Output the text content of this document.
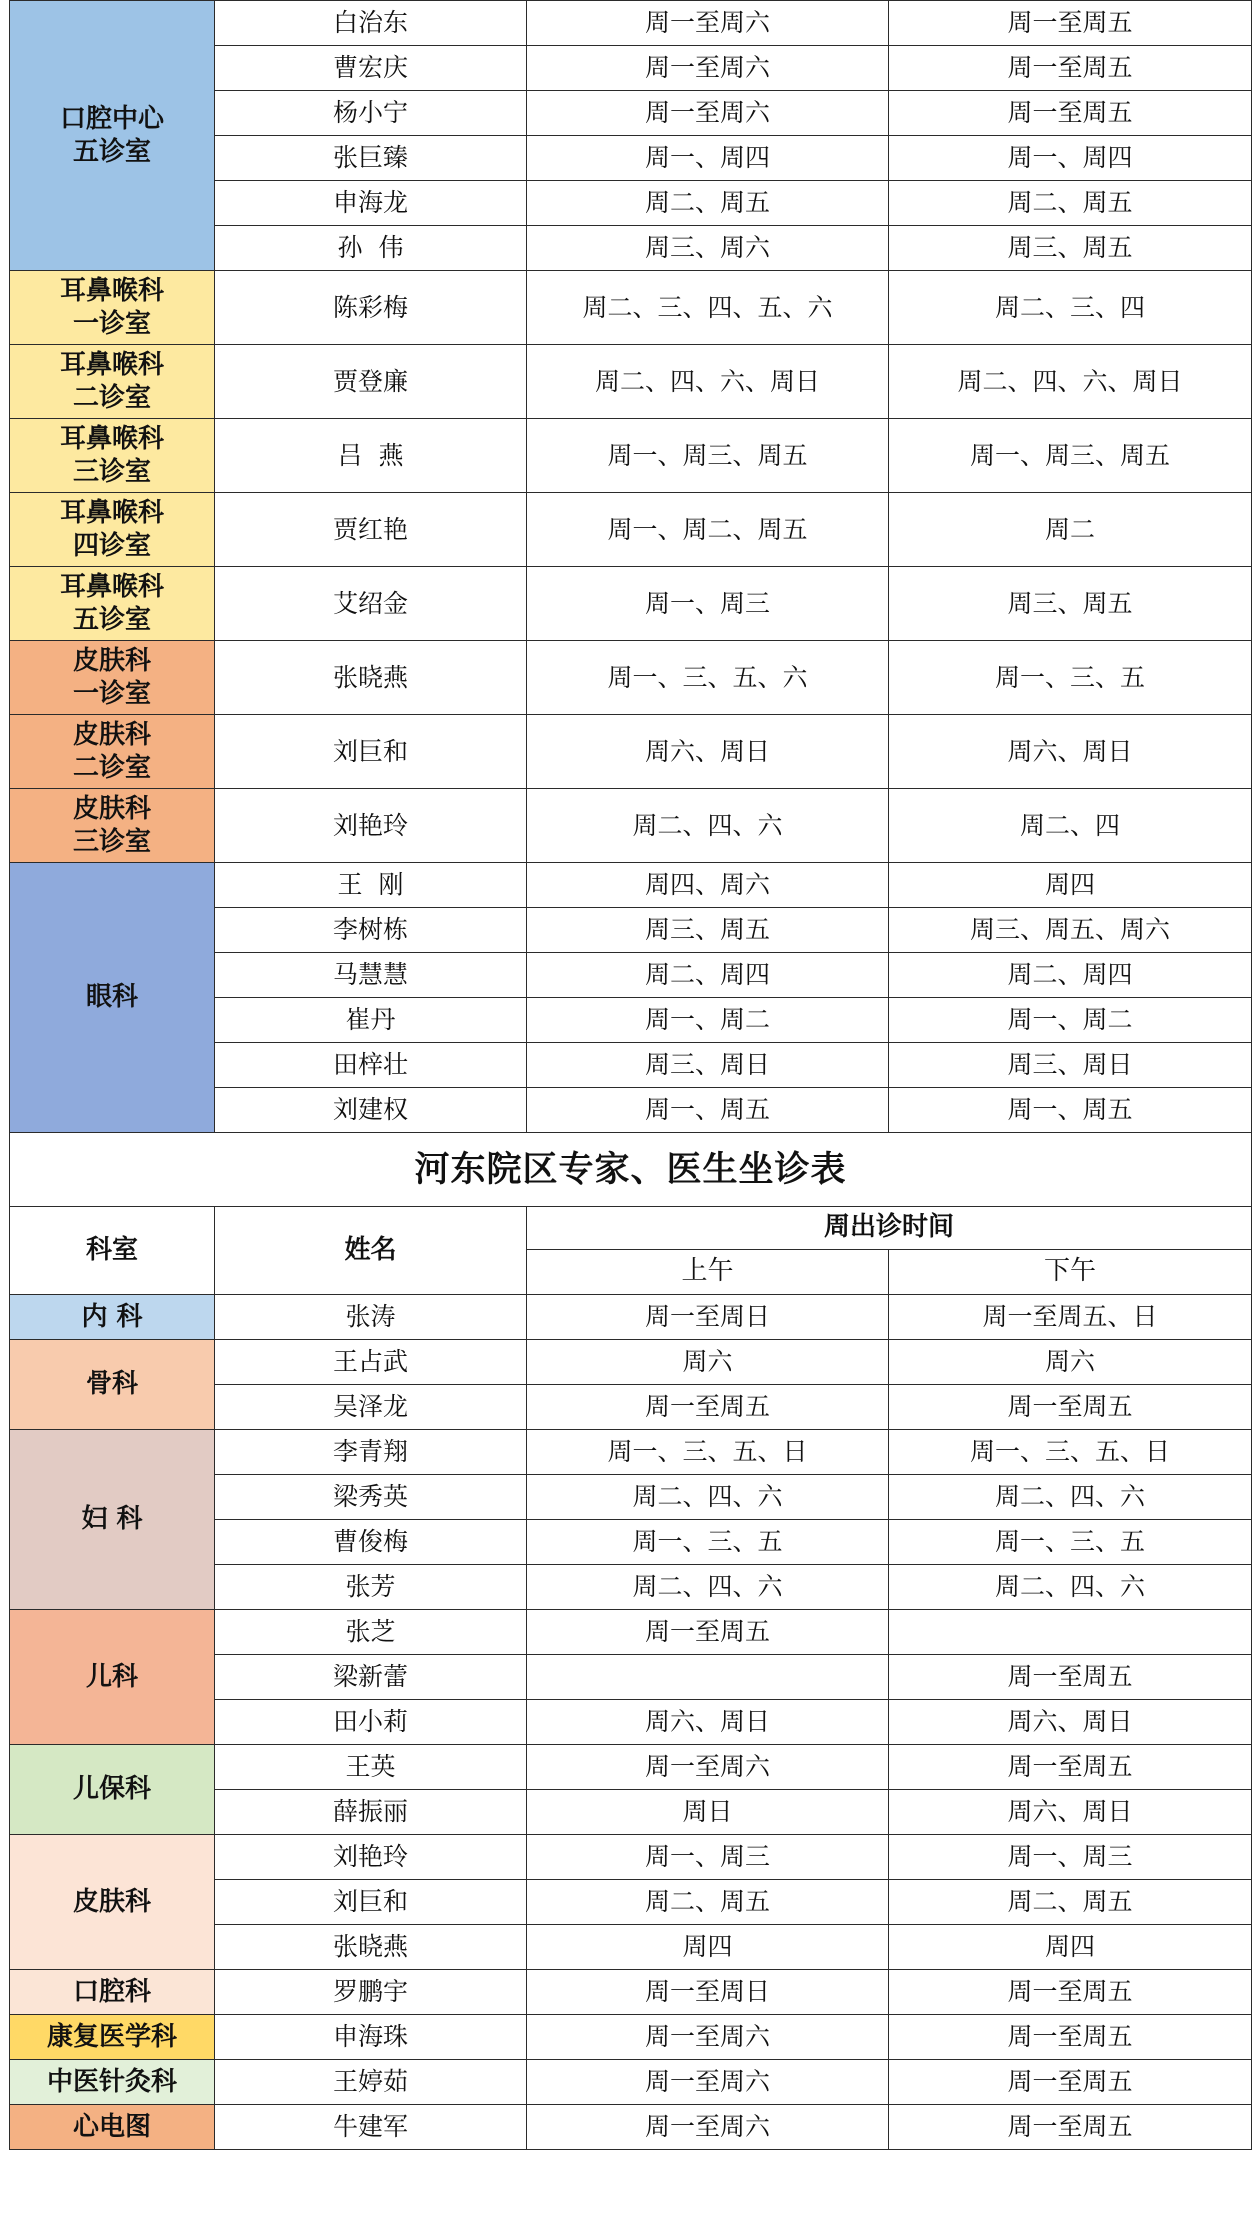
口腔中心
五诊室	白治东	周一至周六	周一至周五
	曹宏庆	周一至周六	周一至周五
	杨小宁	周一至周六	周一至周五
	张巨臻	周一、周四	周一、周四
	申海龙	周二、周五	周二、周五
	孙  伟	周三、周六	周三、周五

耳鼻喉科
一诊室	陈彩梅	周二、三、四、五、六	周二、三、四

耳鼻喉科
二诊室	贾登廉	周二、四、六、周日	周二、四、六、周日

耳鼻喉科
三诊室	吕  燕	周一、周三、周五	周一、周三、周五

耳鼻喉科
四诊室	贾红艳	周一、周二、周五	周二

耳鼻喉科
五诊室	艾绍金	周一、周三	周三、周五

皮肤科
一诊室	张晓燕	周一、三、五、六	周一、三、五

皮肤科
二诊室	刘巨和	周六、周日	周六、周日

皮肤科
三诊室	刘艳玲	周二、四、六	周二、四

眼科	王  刚	周四、周六	周四
	李树栋	周三、周五	周三、周五、周六
	马慧慧	周二、周四	周二、周四
	崔丹	周一、周二	周一、周二
	田梓壮	周三、周日	周三、周日
	刘建权	周一、周五	周一、周五
河东院区专家、医生坐诊表			
科室	姓名	周出诊时间	
		上午	下午

内 科	张涛	周一至周日	周一至周五、日

骨科	王占武	周六	周六
	吴泽龙	周一至周五	周一至周五

妇 科	李青翔	周一、三、五、日	周一、三、五、日
	梁秀英	周二、四、六	周二、四、六
	曹俊梅	周一、三、五	周一、三、五
	张芳	周二、四、六	周二、四、六

儿科	张芝	周一至周五	
	梁新蕾		周一至周五
	田小莉	周六、周日	周六、周日

儿保科	王英	周一至周六	周一至周五
	薛振丽	周日	周六、周日

皮肤科	刘艳玲	周一、周三	周一、周三
	刘巨和	周二、周五	周二、周五
	张晓燕	周四	周四

口腔科	罗鹏宇	周一至周日	周一至周五

康复医学科	申海珠	周一至周六	周一至周五

中医针灸科	王婷茹	周一至周六	周一至周五

心电图	牛建军	周一至周六	周一至周五
